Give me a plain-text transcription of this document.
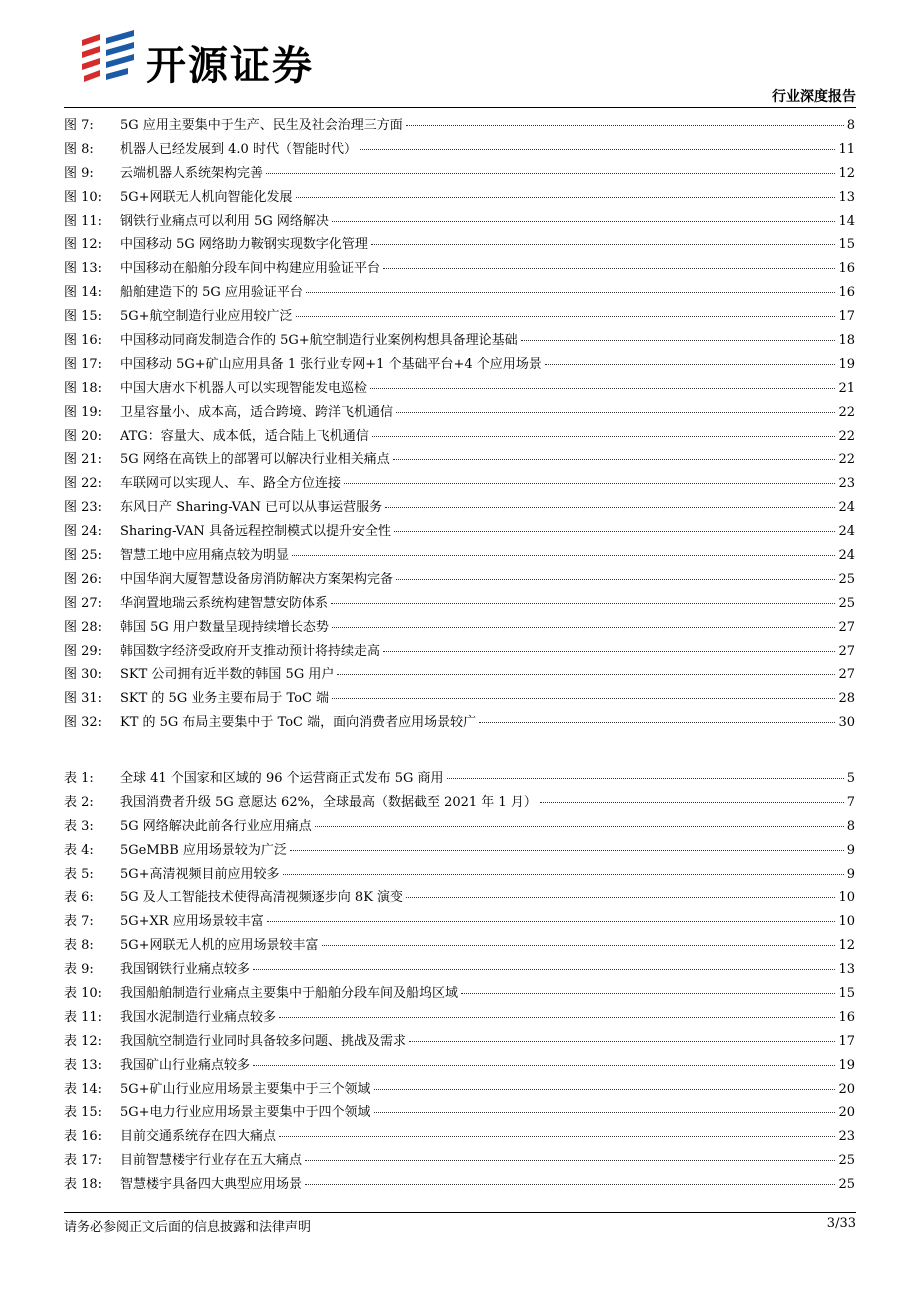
开源证券
行业深度报告
图 7:	5G 应用主要集中于生产、民生及社会治理三方面	8
图 8:	机器人已经发展到 4.0 时代（智能时代）	11
图 9:	云端机器人系统架构完善	12
图 10:	5G+网联无人机向智能化发展	13
图 11:	钢铁行业痛点可以利用 5G 网络解决	14
图 12:	中国移动 5G 网络助力鞍钢实现数字化管理	15
图 13:	中国移动在船舶分段车间中构建应用验证平台	16
图 14:	船舶建造下的 5G 应用验证平台	16
图 15:	5G+航空制造行业应用较广泛	17
图 16:	中国移动同商发制造合作的 5G+航空制造行业案例构想具备理论基础	18
图 17:	中国移动 5G+矿山应用具备 1 张行业专网+1 个基础平台+4 个应用场景	19
图 18:	中国大唐水下机器人可以实现智能发电巡检	21
图 19:	卫星容量小、成本高，适合跨境、跨洋飞机通信	22
图 20:	ATG：容量大、成本低，适合陆上飞机通信	22
图 21:	5G 网络在高铁上的部署可以解决行业相关痛点	22
图 22:	车联网可以实现人、车、路全方位连接	23
图 23:	东风日产 Sharing-VAN 已可以从事运营服务	24
图 24:	Sharing-VAN 具备远程控制模式以提升安全性	24
图 25:	智慧工地中应用痛点较为明显	24
图 26:	中国华润大厦智慧设备房消防解决方案架构完备	25
图 27:	华润置地瑞云系统构建智慧安防体系	25
图 28:	韩国 5G 用户数量呈现持续增长态势	27
图 29:	韩国数字经济受政府开支推动预计将持续走高	27
图 30:	SKT 公司拥有近半数的韩国 5G 用户	27
图 31:	SKT 的 5G 业务主要布局于 ToC 端	28
图 32:	KT 的 5G 布局主要集中于 ToC 端，面向消费者应用场景较广	30
表 1:	全球 41 个国家和区域的 96 个运营商正式发布 5G 商用	5
表 2:	我国消费者升级 5G 意愿达 62%，全球最高（数据截至 2021 年 1 月）	7
表 3:	5G 网络解决此前各行业应用痛点	8
表 4:	5GeMBB 应用场景较为广泛	9
表 5:	5G+高清视频目前应用较多	9
表 6:	5G 及人工智能技术使得高清视频逐步向 8K 演变	10
表 7:	5G+XR 应用场景较丰富	10
表 8:	5G+网联无人机的应用场景较丰富	12
表 9:	我国钢铁行业痛点较多	13
表 10:	我国船舶制造行业痛点主要集中于船舶分段车间及船坞区域	15
表 11:	我国水泥制造行业痛点较多	16
表 12:	我国航空制造行业同时具备较多问题、挑战及需求	17
表 13:	我国矿山行业痛点较多	19
表 14:	5G+矿山行业应用场景主要集中于三个领域	20
表 15:	5G+电力行业应用场景主要集中于四个领域	20
表 16:	目前交通系统存在四大痛点	23
表 17:	目前智慧楼宇行业存在五大痛点	25
表 18:	智慧楼宇具备四大典型应用场景	25
请务必参阅正文后面的信息披露和法律声明	3/33
